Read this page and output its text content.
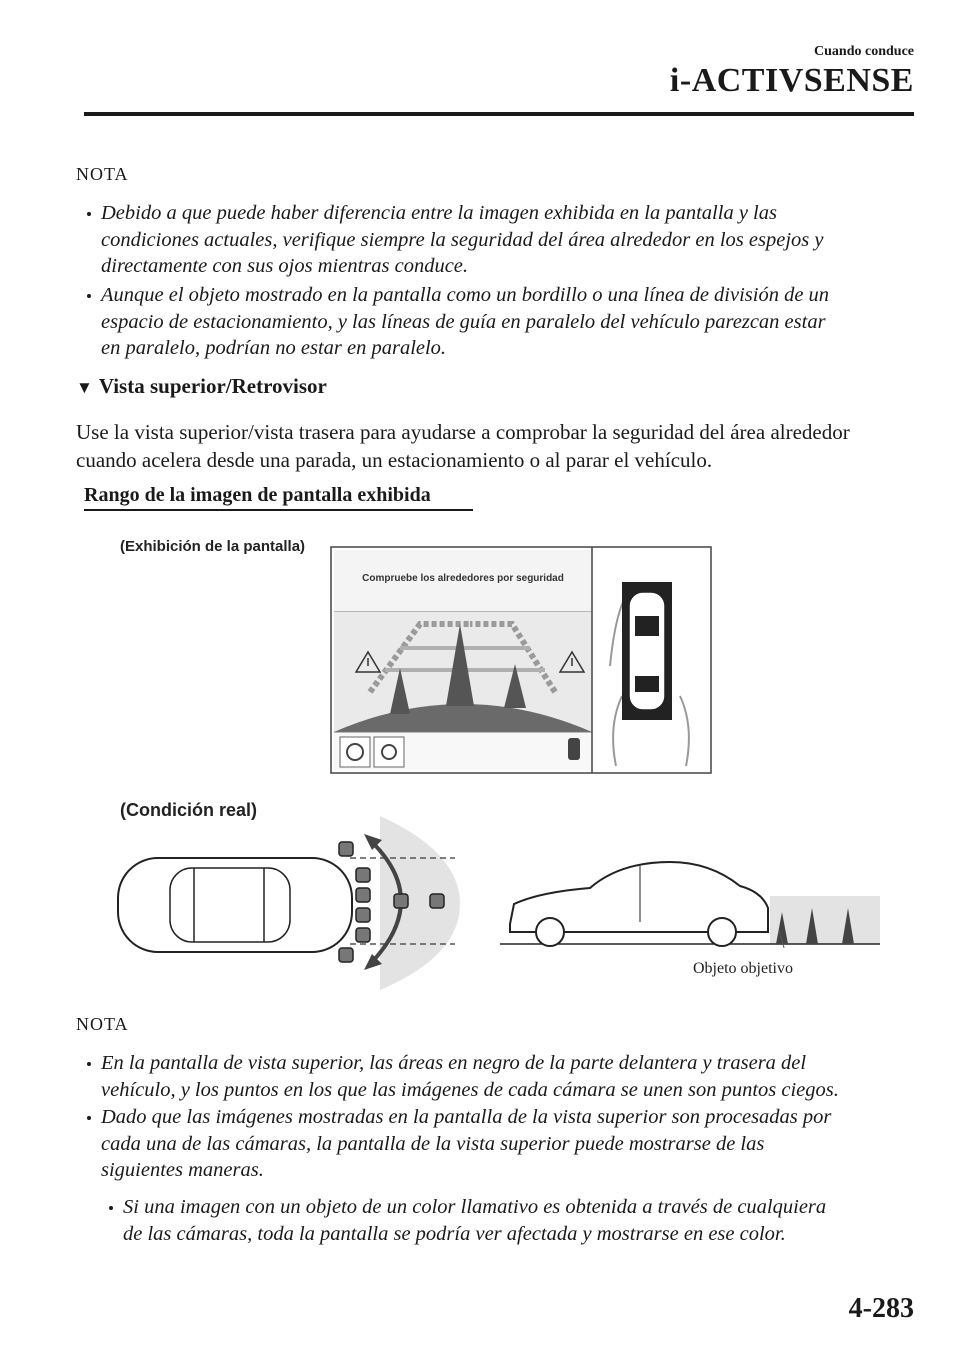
Cuando conduce
i-ACTIVSENSE
NOTA
Debido a que puede haber diferencia entre la imagen exhibida en la pantalla y las
condiciones actuales, verifique siempre la seguridad del área alrededor en los espejos y
directamente con sus ojos mientras conduce.
Aunque el objeto mostrado en la pantalla como un bordillo o una línea de división de un
espacio de estacionamiento, y las líneas de guía en paralelo del vehículo parezcan estar
en paralelo, podrían no estar en paralelo.
▼ Vista superior/Retrovisor
Use la vista superior/vista trasera para ayudarse a comprobar la seguridad del área alrededor
cuando acelera desde una parada, un estacionamiento o al parar el vehículo.
Rango de la imagen de pantalla exhibida
(Exhibición de la pantalla)
Compruebe los alrededores por seguridad
(Condición real)
Objeto objetivo
NOTA
En la pantalla de vista superior, las áreas en negro de la parte delantera y trasera del
vehículo, y los puntos en los que las imágenes de cada cámara se unen son puntos ciegos.
Dado que las imágenes mostradas en la pantalla de la vista superior son procesadas por
cada una de las cámaras, la pantalla de la vista superior puede mostrarse de las
siguientes maneras.
Si una imagen con un objeto de un color llamativo es obtenida a través de cualquiera
de las cámaras, toda la pantalla se podría ver afectada y mostrarse en ese color.
4-283
